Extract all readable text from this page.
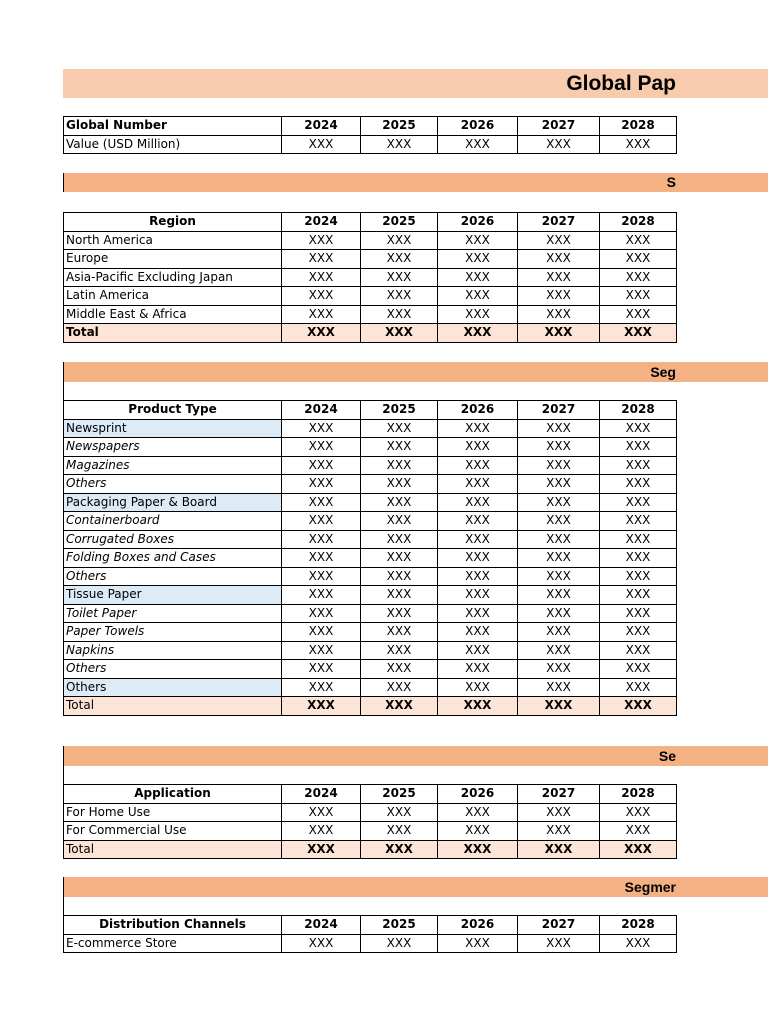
Global Pap
Global Number	2024	2025	2026	2027	2028
Value (USD Million)	XXX	XXX	XXX	XXX	XXX
S
Region	2024	2025	2026	2027	2028
North America	XXX	XXX	XXX	XXX	XXX
Europe	XXX	XXX	XXX	XXX	XXX
Asia-Pacific Excluding Japan	XXX	XXX	XXX	XXX	XXX
Latin America	XXX	XXX	XXX	XXX	XXX
Middle East & Africa	XXX	XXX	XXX	XXX	XXX
Total	XXX	XXX	XXX	XXX	XXX
Seg
Product Type	2024	2025	2026	2027	2028
Newsprint	XXX	XXX	XXX	XXX	XXX
Newspapers	XXX	XXX	XXX	XXX	XXX
Magazines	XXX	XXX	XXX	XXX	XXX
Others	XXX	XXX	XXX	XXX	XXX
Packaging Paper & Board	XXX	XXX	XXX	XXX	XXX
Containerboard	XXX	XXX	XXX	XXX	XXX
Corrugated Boxes	XXX	XXX	XXX	XXX	XXX
Folding Boxes and Cases	XXX	XXX	XXX	XXX	XXX
Others	XXX	XXX	XXX	XXX	XXX
Tissue Paper	XXX	XXX	XXX	XXX	XXX
Toilet Paper	XXX	XXX	XXX	XXX	XXX
Paper Towels	XXX	XXX	XXX	XXX	XXX
Napkins	XXX	XXX	XXX	XXX	XXX
Others	XXX	XXX	XXX	XXX	XXX
Others	XXX	XXX	XXX	XXX	XXX
Total	XXX	XXX	XXX	XXX	XXX
Se
Application	2024	2025	2026	2027	2028
For Home Use	XXX	XXX	XXX	XXX	XXX
For Commercial Use	XXX	XXX	XXX	XXX	XXX
Total	XXX	XXX	XXX	XXX	XXX
Segmer
Distribution Channels	2024	2025	2026	2027	2028
E-commerce Store	XXX	XXX	XXX	XXX	XXX
